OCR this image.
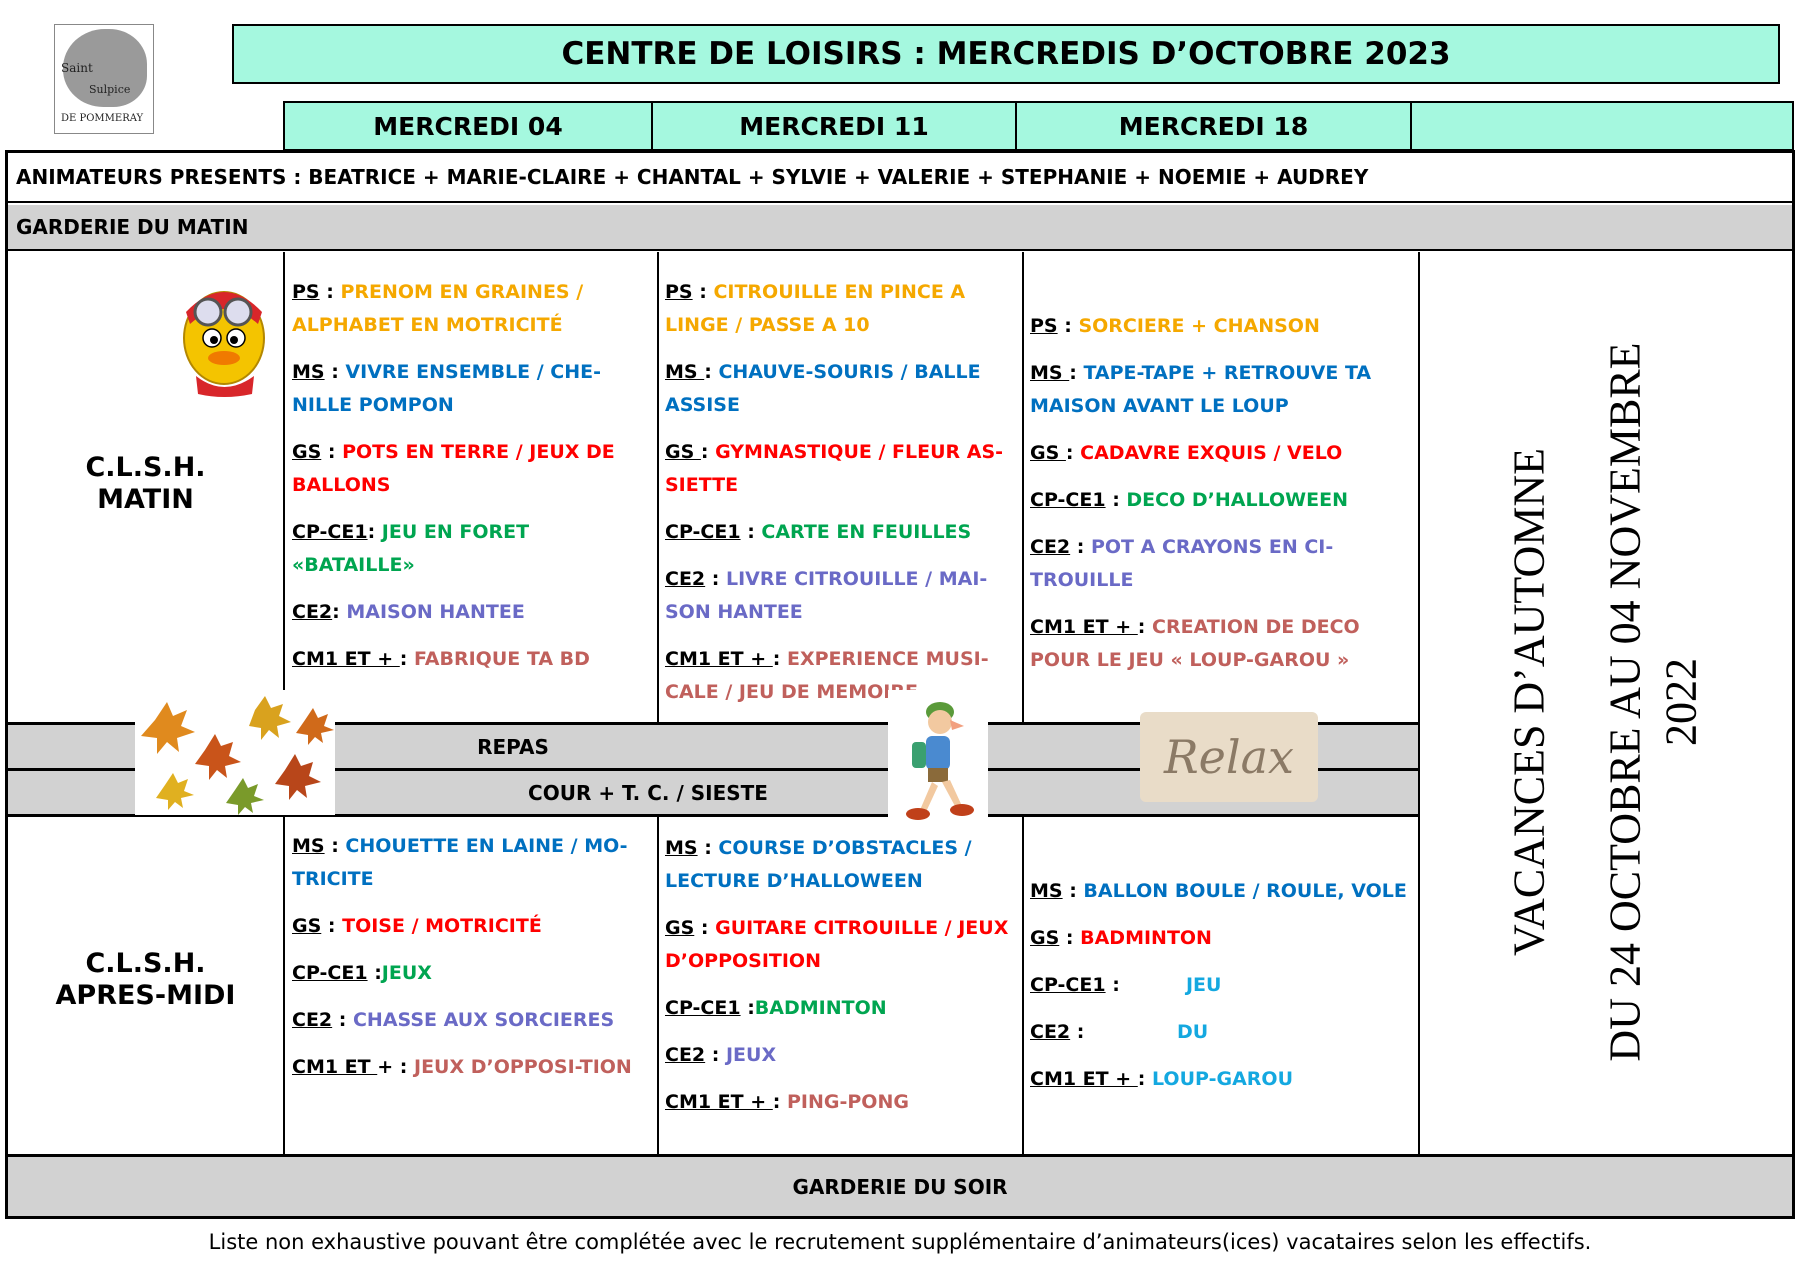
Saint
Sulpice
DE POMMERAY
CENTRE DE LOISIRS : MERCREDIS D’OCTOBRE 2023
MERCREDI 04	MERCREDI 11	MERCREDI 18
ANIMATEURS PRESENTS : BEATRICE + MARIE-CLAIRE + CHANTAL + SYLVIE + VALERIE + STEPHANIE + NOEMIE + AUDREY
GARDERIE DU MATIN
C.L.S.H.
MATIN
C.L.S.H.
APRES-MIDI

PS : PRENOM EN GRAINES / ALPHABET EN MOTRICITÉ

MS : VIVRE ENSEMBLE / CHE-NILLE POMPON

GS : POTS EN TERRE / JEUX DE BALLONS

CP-CE1: JEU EN FORET «BATAILLE»

CE2: MAISON HANTEE

CM1 ET + : FABRIQUE TA BD

PS : CITROUILLE EN PINCE A LINGE / PASSE A 10

MS : CHAUVE-SOURIS / BALLE ASSISE

GS : GYMNASTIQUE / FLEUR AS-SIETTE

CP-CE1 : CARTE EN FEUILLES

CE2 : LIVRE CITROUILLE / MAI-SON HANTEE

CM1 ET + : EXPERIENCE MUSI-CALE / JEU DE MEMOIRE

PS : SORCIERE + CHANSON

MS : TAPE-TAPE + RETROUVE TA MAISON AVANT LE LOUP

GS : CADAVRE EXQUIS / VELO

CP-CE1 : DECO D’HALLOWEEN

CE2 : POT A CRAYONS EN CI-TROUILLE

CM1 ET + : CREATION DE DECO POUR LE JEU « LOUP-GAROU »

REPAS
COUR + T. C. / SIESTE

MS : CHOUETTE EN LAINE / MO-TRICITE

GS : TOISE / MOTRICITÉ

CP-CE1 :JEUX

CE2 : CHASSE AUX SORCIERES

CM1 ET + : JEUX D’OPPOSI-TION

MS : COURSE D’OBSTACLES / LECTURE D’HALLOWEEN

GS : GUITARE CITROUILLE / JEUX D’OPPOSITION

CP-CE1 :BADMINTON

CE2 : JEUX

CM1 ET + : PING-PONG

MS : BALLON BOULE / ROULE, VOLE

GS : BADMINTON

CP-CE1 :          JEU

CE2 :              DU

CM1 ET + : LOUP-GAROU

VACANCES D’AUTOMNE DU 24 OCTOBRE AU 04 NOVEMBRE 2022
GARDERIE DU SOIR
Liste non exhaustive pouvant être complétée avec le recrutement supplémentaire d’animateurs(ices) vacataires selon les effectifs.
Relax
